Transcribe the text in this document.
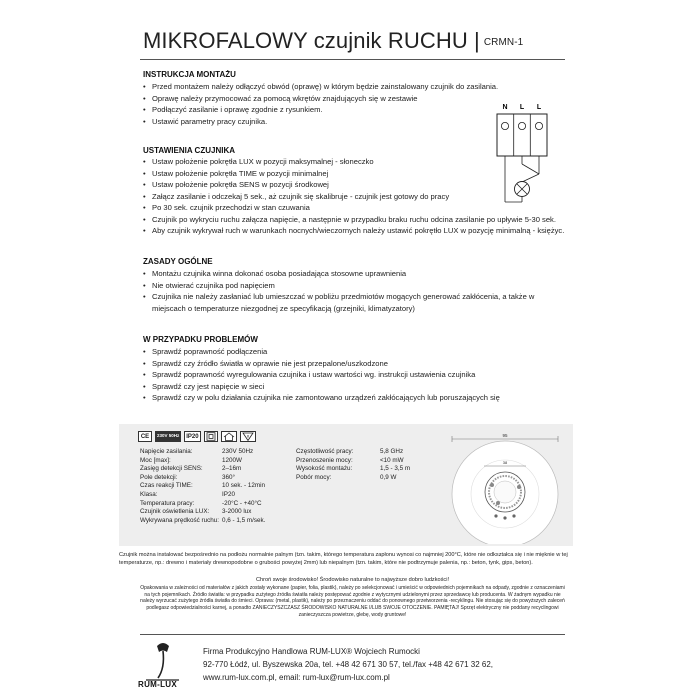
MIKROFALOWY czujnik RUCHU | CRMN-1
INSTRUKCJA MONTAŻU
• Przed montażem należy odłączyć obwód (oprawę) w którym będzie zainstalowany czujnik do zasilania.
• Oprawę należy przymocować za pomocą wkrętów znajdujących się w zestawie
• Podłączyć zasilanie i oprawę zgodnie z rysunkiem.
• Ustawić parametry pracy czujnika.
N L L
USTAWIENIA CZUJNIKA
• Ustaw położenie pokrętła LUX w pozycji maksymalnej - słoneczko
• Ustaw położenie pokrętła TIME w pozycji minimalnej
• Ustaw położenie pokrętła SENS w pozycji środkowej
• Załącz zasilanie i odczekaj 5 sek., aż czujnik się skalibruje - czujnik jest gotowy do pracy
• Po 30 sek. czujnik przechodzi w stan czuwania
• Czujnik po wykryciu ruchu załącza napięcie, a następnie w przypadku braku ruchu odcina zasilanie po upływie 5-30 sek.
• Aby czujnik wykrywał ruch w warunkach nocnych/wieczornych należy ustawić pokrętło LUX w pozycję minimalną - księżyc.
ZASADY OGÓLNE
• Montażu czujnika winna dokonać osoba posiadająca stosowne uprawnienia
• Nie otwierać czujnika pod napięciem
• Czujnika nie należy zasłaniać lub umieszczać w pobliżu przedmiotów mogących generować zakłócenia, a także w miejscach o temperaturze niezgodnej ze specyfikacją (grzejniki, klimatyzatory)
W PRZYPADKU PROBLEMÓW
• Sprawdź poprawność podłączenia
• Sprawdź czy źródło światła w oprawie nie jest przepalone/uszkodzone
• Sprawdź poprawność wyregulowania czujnika i ustaw wartości wg. instrukcji ustawienia czujnika
• Sprawdź czy jest napięcie w sieci
• Sprawdź czy w polu działania czujnika nie zamontowano urządzeń zakłócających lub poruszających się
CE	230V 50Hz	IP20
Napięcie zasilania:	230V 50Hz
Moc [max]:	1200W
Zasięg detekcji SENS:	2–16m
Pole detekcji:	360°
Czas reakcji TIME:	10 sek. - 12min
Klasa:	IP20
Temperatura pracy:	-20°C - +40°C
Czujnik oświetlenia LUX:	3-2000 lux
Wykrywana prędkość ruchu: 0,6 - 1,5 m/sek.
Częstotliwość pracy:	5,8 GHz
Przenoszenie mocy:	<10 mW
Wysokość montażu:	1,5 - 3,5 m
Pobór mocy:	0,9 W
95
38
Czujnik można instalować bezpośrednio na podłożu normalnie palnym (tzn. takim, którego temperatura zapłonu wynosi co najmniej 200°C, które nie odkształca się i nie mięknie w tej temperaturze, np.: drewno i materiały drewnopodobne o grubości powyżej 2mm) lub niepalnym (tzn. takim, które nie podtrzymuje palenia, np.: beton, tynk, gips, beton).
Chroń swoje środowisko! Środowisko naturalne to najwyższe dobro ludzkości!
Opakowania w zależności od materiałów z jakich zostały wykonane (papier, folia, plastik), należy po selekcjonować i umieścić w odpowiednich pojemnikach na odpady, zgodnie z oznaczeniami na tych pojemnikach. Źródło światła: w przypadku zużytego źródła światła należy postępować zgodnie z wytycznymi udzielonymi przez sprzedawcę lub producenta. W żadnym wypadku nie należy wyrzucać zużytego źródła światła do śmieci. Oprawa: (metal, plastik), należy po przeznaczeniu oddać do ponownego przetworzenia -recyklingu. Nie stosując się do powyższych zaleceń podlegasz odpowiedzialności karnej, a ponadto ZANIECZYSZCZASZ ŚRODOWISKO NATURALNE I/LUB SWOJE OTOCZENIE. PAMIĘTAJ! Sprzęt elektryczny nie poddany recyclingowi zanieczyszcza powietrze, glebę, wody gruntowe!
RUM-LUX
Firma Produkcyjno Handlowa RUM-LUX® Wojciech Rumocki
92-770 Łódź, ul. Byszewska 20a, tel. +48 42 671 30 57, tel./fax +48 42 671 32 62,
www.rum-lux.com.pl, email: rum-lux@rum-lux.com.pl
